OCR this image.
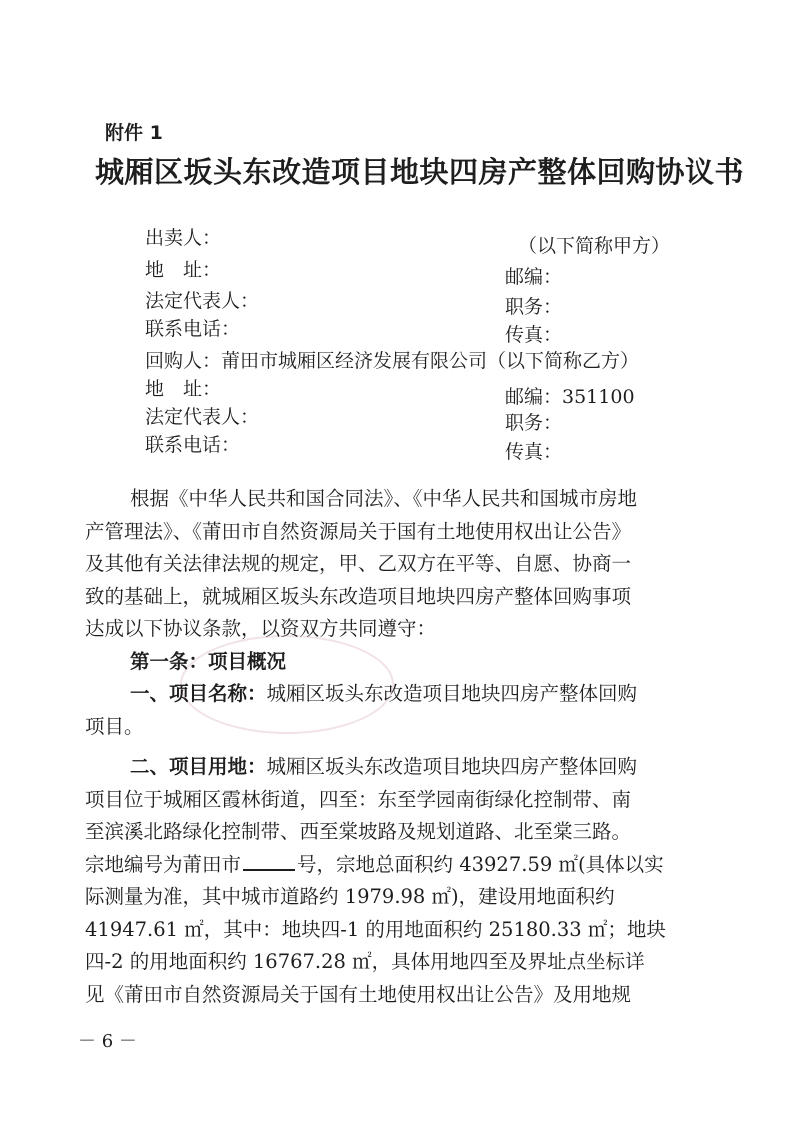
附件 1
城厢区坂头东改造项目地块四房产整体回购协议书
出卖人：	（以下简称甲方）
地　址：	邮编：
法定代表人：	职务：
联系电话：	传真：
回购人：莆田市城厢区经济发展有限公司（以下简称乙方）
地　址：	邮编：351100
法定代表人：	职务：
联系电话：	传真：
根据《中华人民共和国合同法》、《中华人民共和国城市房地
产管理法》、《莆田市自然资源局关于国有土地使用权出让公告》
及其他有关法律法规的规定，甲、乙双方在平等、自愿、协商一
致的基础上，就城厢区坂头东改造项目地块四房产整体回购事项
达成以下协议条款，以资双方共同遵守：
第一条：项目概况
一、项目名称：城厢区坂头东改造项目地块四房产整体回购
项目。
二、项目用地：城厢区坂头东改造项目地块四房产整体回购
项目位于城厢区霞林街道，四至：东至学园南街绿化控制带、南
至滨溪北路绿化控制带、西至棠坡路及规划道路、北至棠三路。
宗地编号为莆田市	号，宗地总面积约 43927.59 ㎡(具体以实
际测量为准，其中城市道路约 1979.98 ㎡)，建设用地面积约
41947.61 ㎡，其中：地块四-1 的用地面积约 25180.33 ㎡；地块
四-2 的用地面积约 16767.28 ㎡，具体用地四至及界址点坐标详
见《莆田市自然资源局关于国有土地使用权出让公告》及用地规
－ 6 －
